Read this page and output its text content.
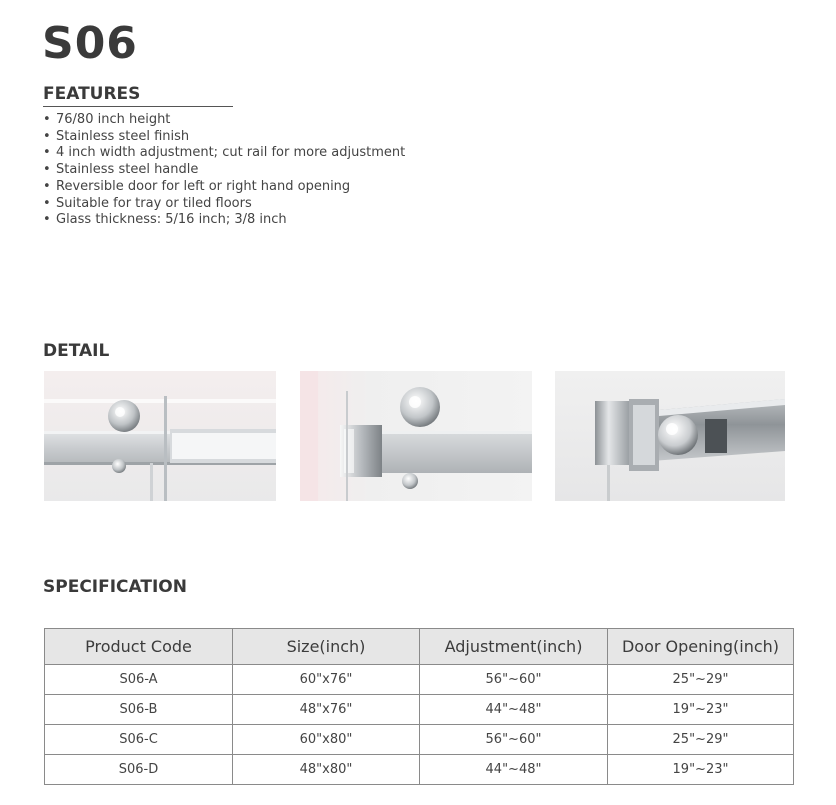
S06
FEATURES
• 76/80 inch height
• Stainless steel finish
• 4 inch width adjustment; cut rail for more adjustment
• Stainless steel handle
• Reversible door for left or right hand opening
• Suitable for tray or tiled floors
• Glass thickness: 5/16 inch; 3/8 inch
DETAIL
SPECIFICATION
Product Code	Size(inch)	Adjustment(inch)	Door Opening(inch)
S06-A	60"x76"	56"~60"	25"~29"
S06-B	48"x76"	44"~48"	19"~23"
S06-C	60"x80"	56"~60"	25"~29"
S06-D	48"x80"	44"~48"	19"~23"
